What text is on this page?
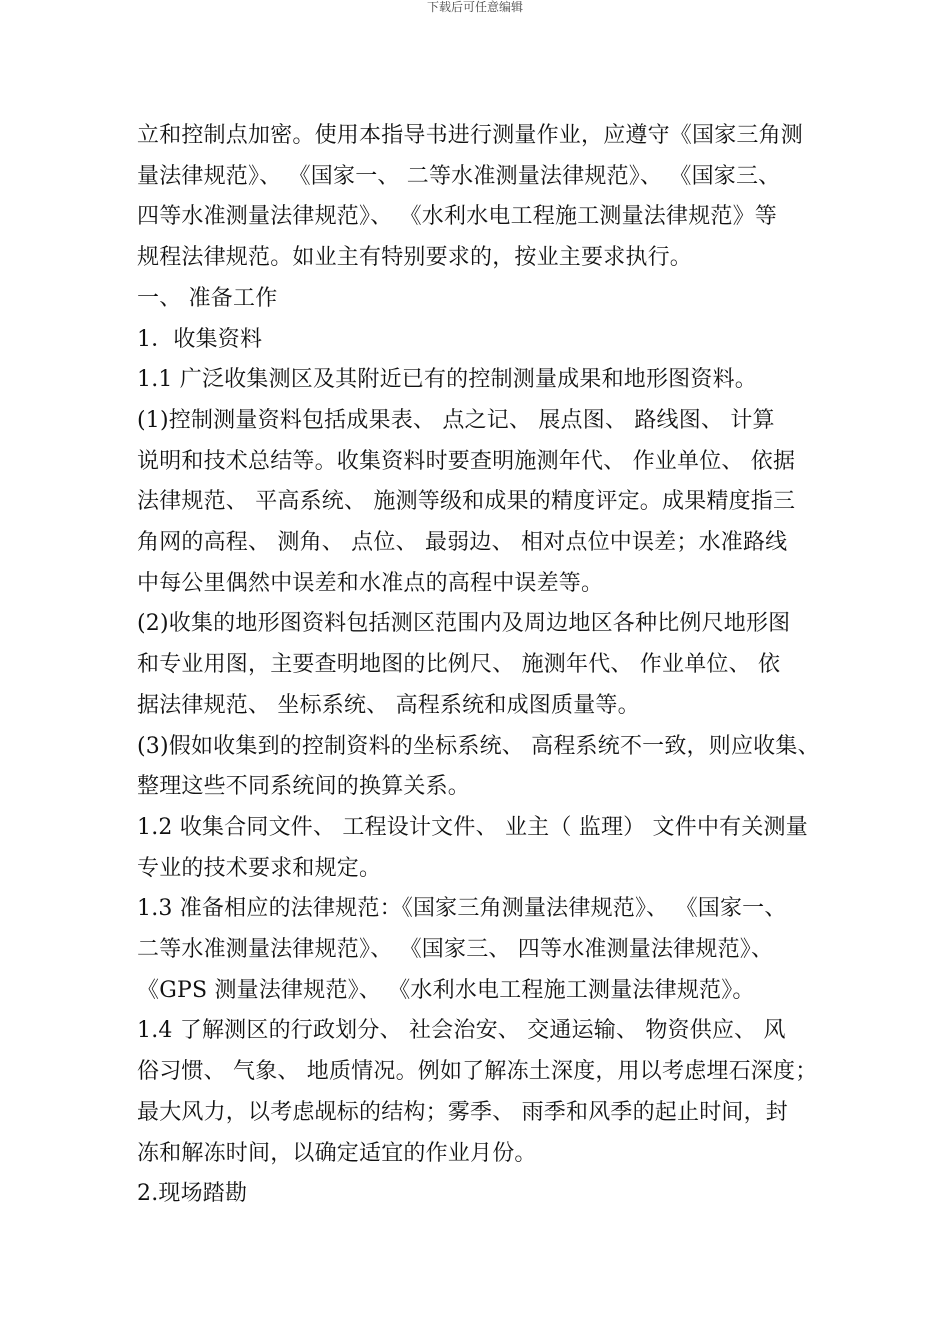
下载后可任意编辑
立和控制点加密。使用本指导书进行测量作业，应遵守《国家三角测
量法律规范》、 《国家一、 二等水准测量法律规范》、 《国家三、
四等水准测量法律规范》、 《水利水电工程施工测量法律规范》等
规程法律规范。如业主有特别要求的，按业主要求执行。
一、 准备工作
1．收集资料
1.1 广泛收集测区及其附近已有的控制测量成果和地形图资料。
(1)控制测量资料包括成果表、 点之记、 展点图、 路线图、 计算
说明和技术总结等。收集资料时要查明施测年代、 作业单位、 依据
法律规范、 平高系统、 施测等级和成果的精度评定。成果精度指三
角网的高程、 测角、 点位、 最弱边、 相对点位中误差；水准路线
中每公里偶然中误差和水准点的高程中误差等。
(2)收集的地形图资料包括测区范围内及周边地区各种比例尺地形图
和专业用图，主要查明地图的比例尺、 施测年代、 作业单位、 依
据法律规范、 坐标系统、 高程系统和成图质量等。
(3)假如收集到的控制资料的坐标系统、 高程系统不一致，则应收集、
整理这些不同系统间的换算关系。
1.2 收集合同文件、 工程设计文件、 业主（ 监理） 文件中有关测量
专业的技术要求和规定。
1.3 准备相应的法律规范：《国家三角测量法律规范》、 《国家一、
二等水准测量法律规范》、 《国家三、 四等水准测量法律规范》、
《GPS 测量法律规范》、 《水利水电工程施工测量法律规范》。
1.4 了解测区的行政划分、 社会治安、 交通运输、 物资供应、 风
俗习惯、 气象、 地质情况。例如了解冻土深度，用以考虑埋石深度；
最大风力，以考虑觇标的结构；雾季、 雨季和风季的起止时间，封
冻和解冻时间，以确定适宜的作业月份。
2.现场踏勘
